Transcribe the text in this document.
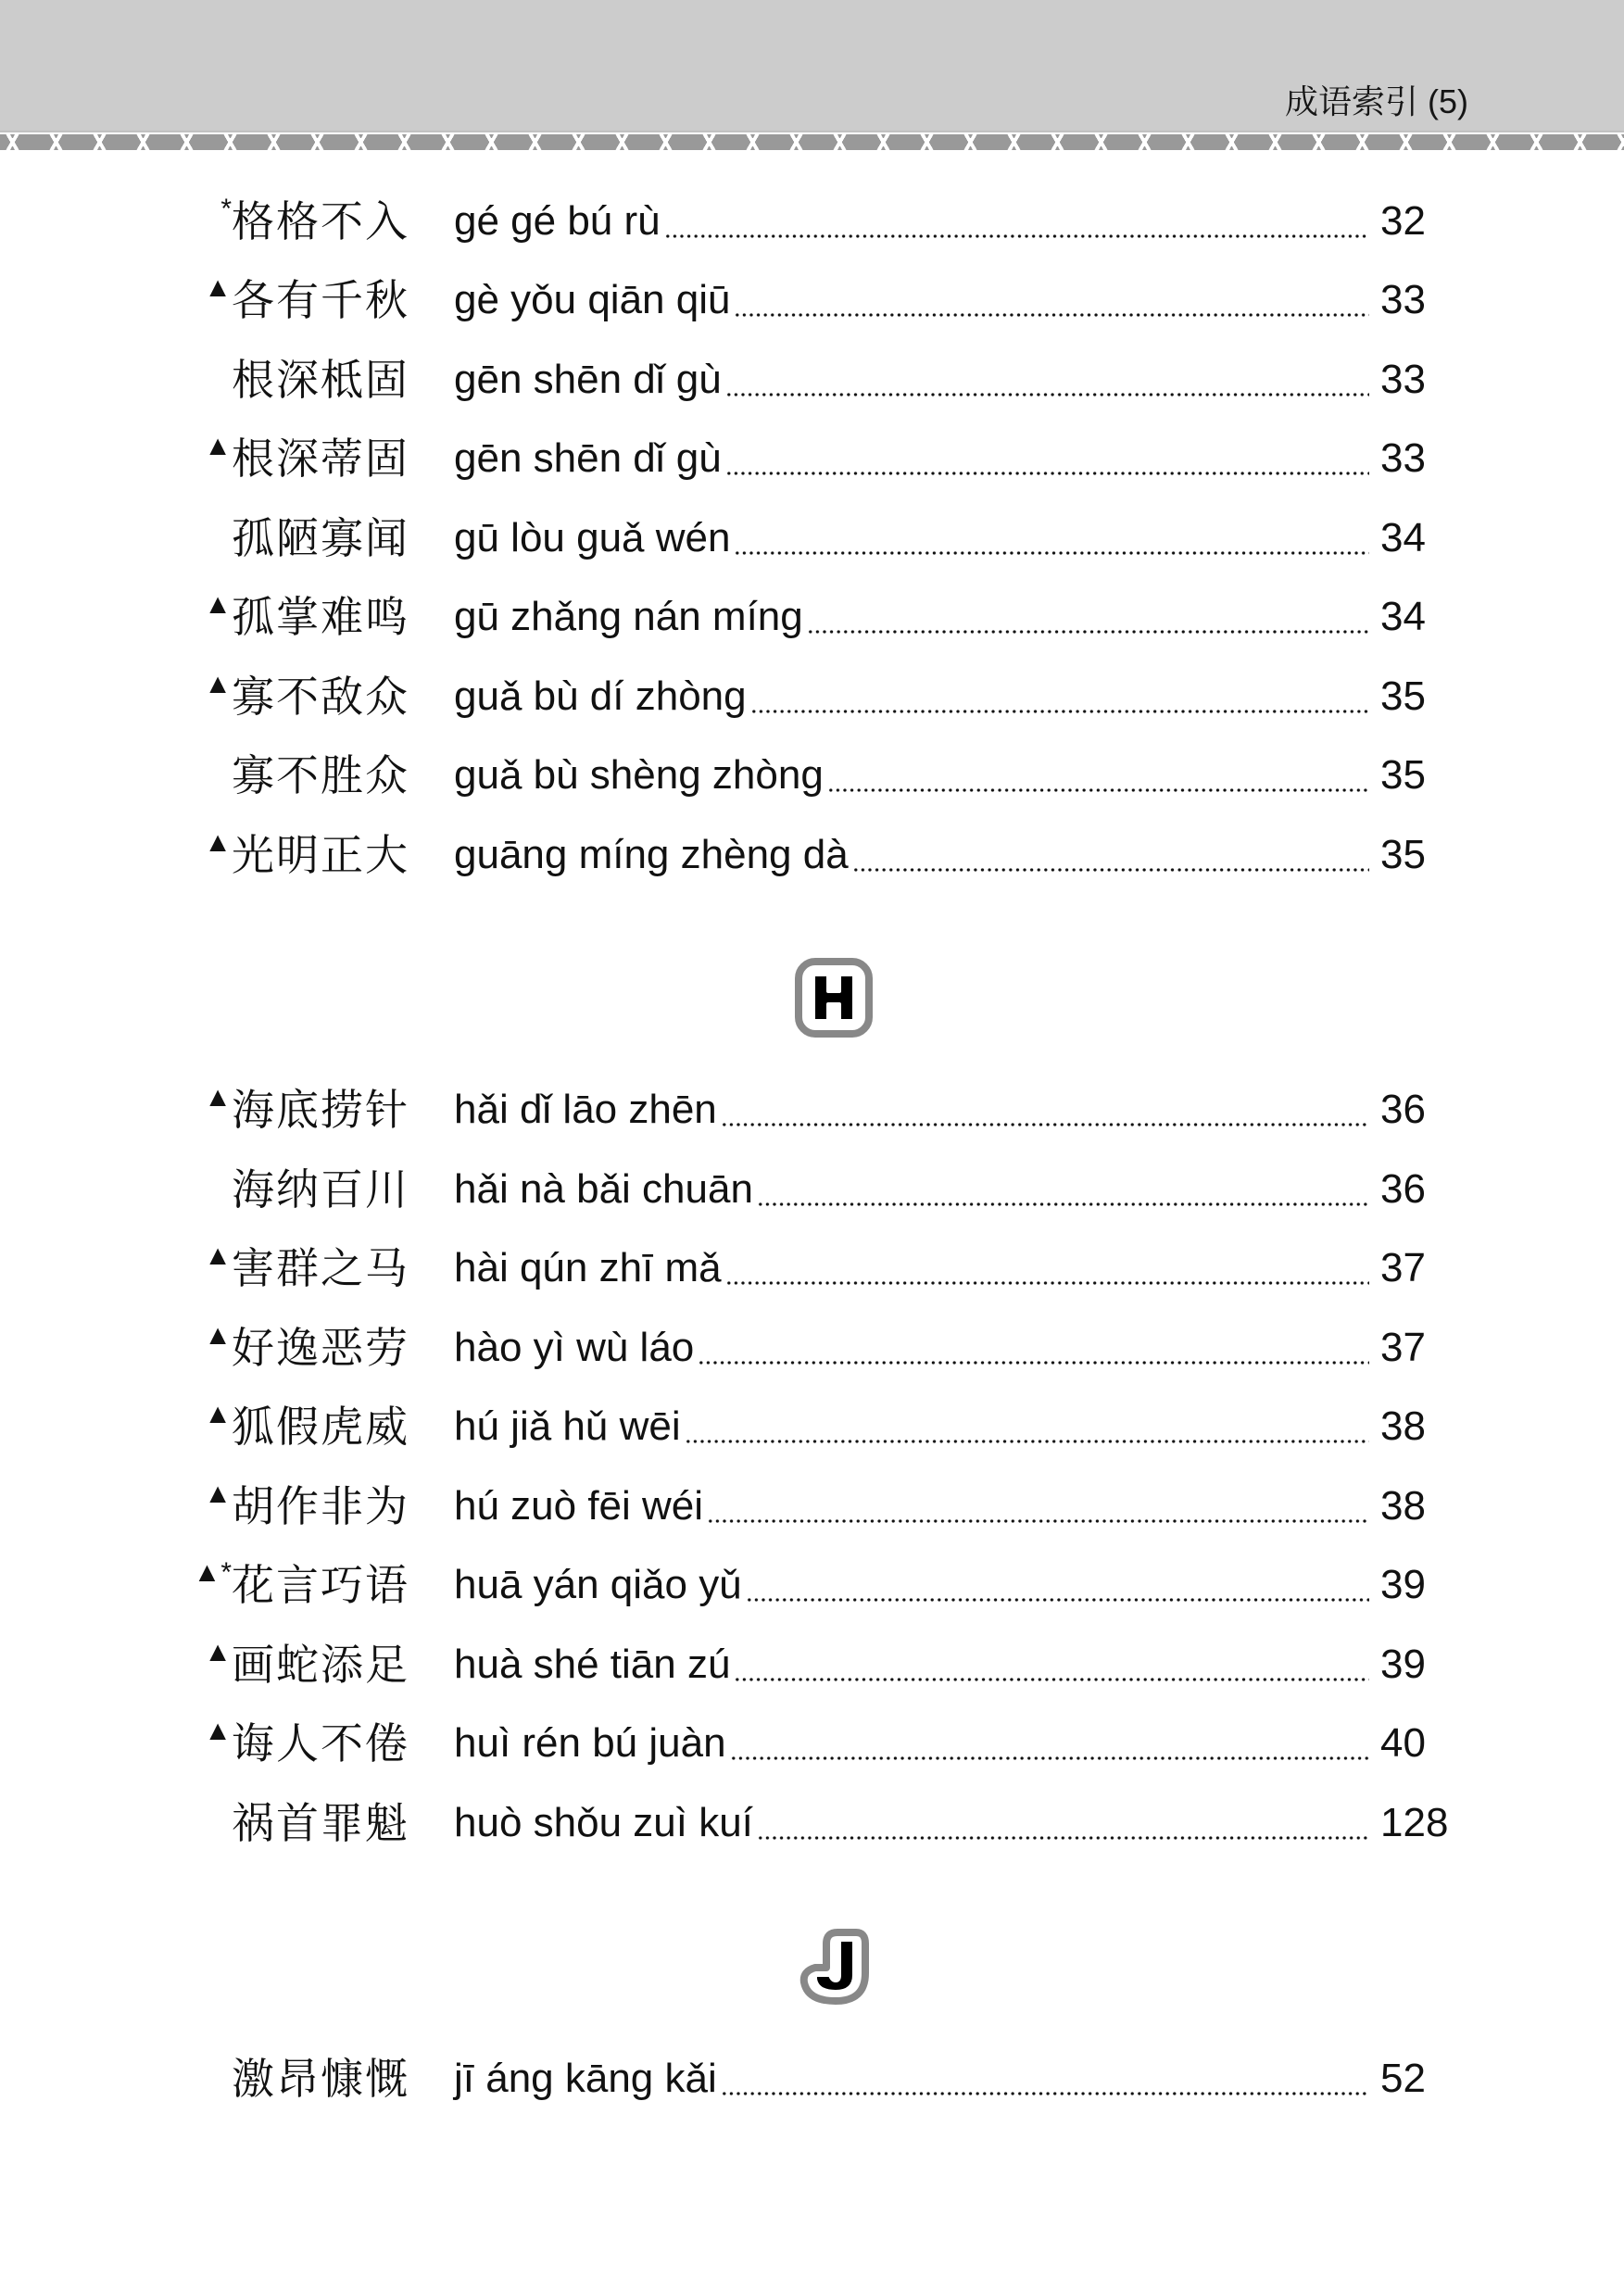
成语索引 (5)
* 格格不入 gé gé bú rù	32
▲ 各有千秋 gè yǒu qiān qiū	33
根深柢固 gēn shēn dǐ gù	33
▲ 根深蒂固 gēn shēn dǐ gù	33
孤陋寡闻 gū lòu guǎ wén	34
▲ 孤掌难鸣 gū zhǎng nán míng	34
▲ 寡不敌众 guǎ bù dí zhòng	35
寡不胜众 guǎ bù shèng zhòng	35
▲ 光明正大 guāng míng zhèng dà	35
▲ 海底捞针 hǎi dǐ lāo zhēn	36
海纳百川 hǎi nà bǎi chuān	36
▲ 害群之马 hài qún zhī mǎ	37
▲ 好逸恶劳 hào yì wù láo	37
▲ 狐假虎威 hú jiǎ hǔ wēi	38
▲ 胡作非为 hú zuò fēi wéi	38
▲* 花言巧语 huā yán qiǎo yǔ	39
▲ 画蛇添足 huà shé tiān zú	39
▲ 诲人不倦 huì rén bú juàn	40
祸首罪魁 huò shǒu zuì kuí	128
激昂慷慨 jī áng kāng kǎi	52
